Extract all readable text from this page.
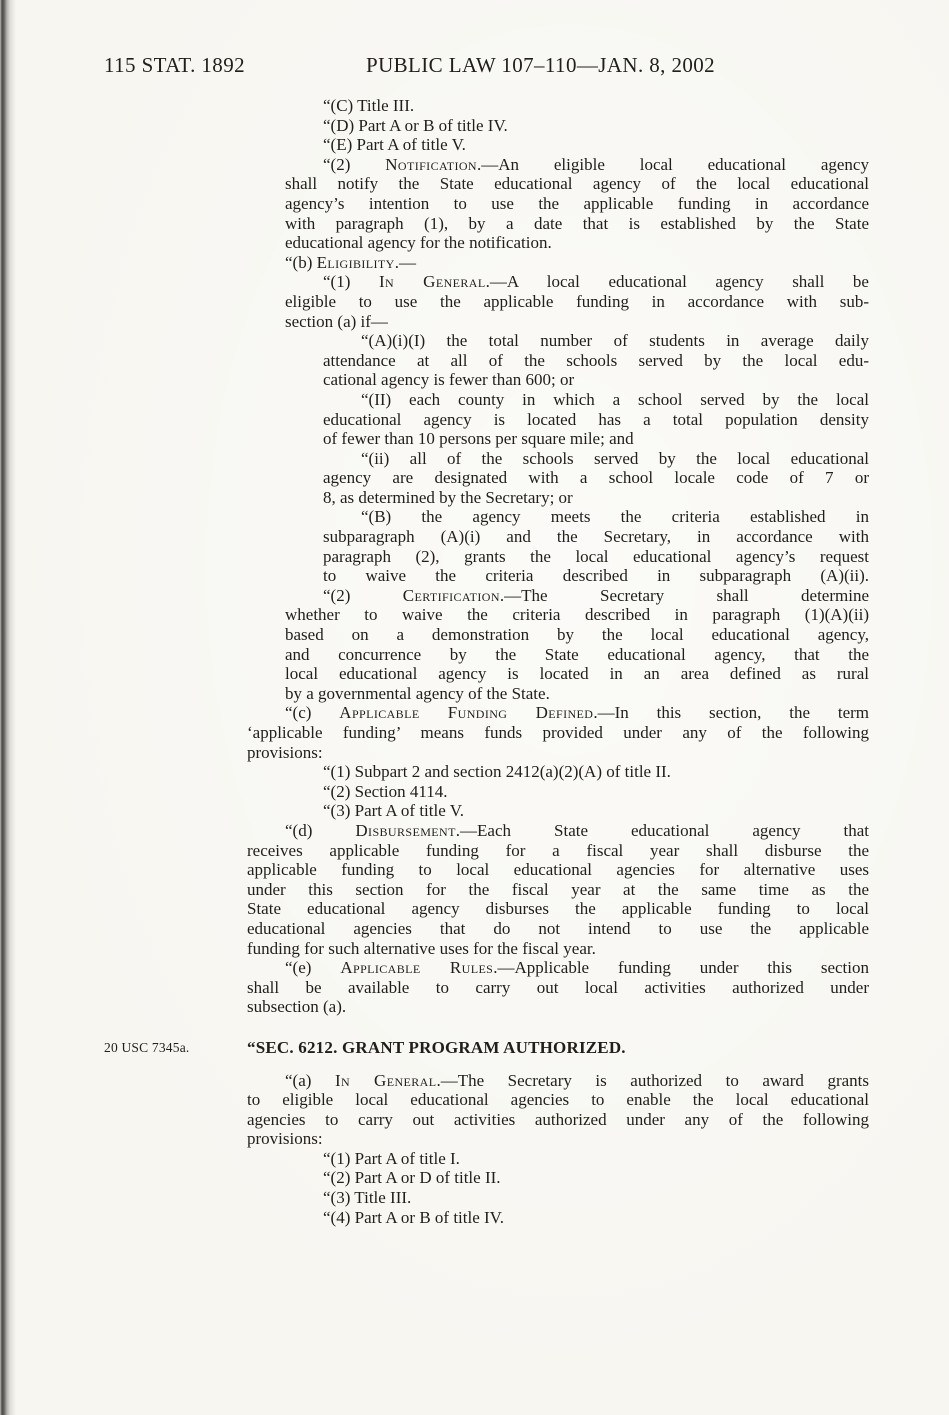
115 STAT. 1892	PUBLIC LAW 107–110—JAN. 8, 2002
20 USC 7345a.
“(C) Title III.
“(D) Part A or B of title IV.
“(E) Part A of title V.
“(2) Notification.—An eligible local educational agency
shall notify the State educational agency of the local educational
agency’s intention to use the applicable funding in accordance
with paragraph (1), by a date that is established by the State
educational agency for the notification.
“(b) Eligibility.—
“(1) In General.—A local educational agency shall be
eligible to use the applicable funding in accordance with sub-
section (a) if—
“(A)(i)(I) the total number of students in average daily
attendance at all of the schools served by the local edu-
cational agency is fewer than 600; or
“(II) each county in which a school served by the local
educational agency is located has a total population density
of fewer than 10 persons per square mile; and
“(ii) all of the schools served by the local educational
agency are designated with a school locale code of 7 or
8, as determined by the Secretary; or
“(B) the agency meets the criteria established in
subparagraph (A)(i) and the Secretary, in accordance with
paragraph (2), grants the local educational agency’s request
to waive the criteria described in subparagraph (A)(ii).
“(2) Certification.—The Secretary shall determine
whether to waive the criteria described in paragraph (1)(A)(ii)
based on a demonstration by the local educational agency,
and concurrence by the State educational agency, that the
local educational agency is located in an area defined as rural
by a governmental agency of the State.
“(c) Applicable Funding Defined.—In this section, the term
‘applicable funding’ means funds provided under any of the following
provisions:
“(1) Subpart 2 and section 2412(a)(2)(A) of title II.
“(2) Section 4114.
“(3) Part A of title V.
“(d) Disbursement.—Each State educational agency that
receives applicable funding for a fiscal year shall disburse the
applicable funding to local educational agencies for alternative uses
under this section for the fiscal year at the same time as the
State educational agency disburses the applicable funding to local
educational agencies that do not intend to use the applicable
funding for such alternative uses for the fiscal year.
“(e) Applicable Rules.—Applicable funding under this section
shall be available to carry out local activities authorized under
subsection (a).
“SEC. 6212. GRANT PROGRAM AUTHORIZED.
“(a) In General.—The Secretary is authorized to award grants
to eligible local educational agencies to enable the local educational
agencies to carry out activities authorized under any of the following
provisions:
“(1) Part A of title I.
“(2) Part A or D of title II.
“(3) Title III.
“(4) Part A or B of title IV.
